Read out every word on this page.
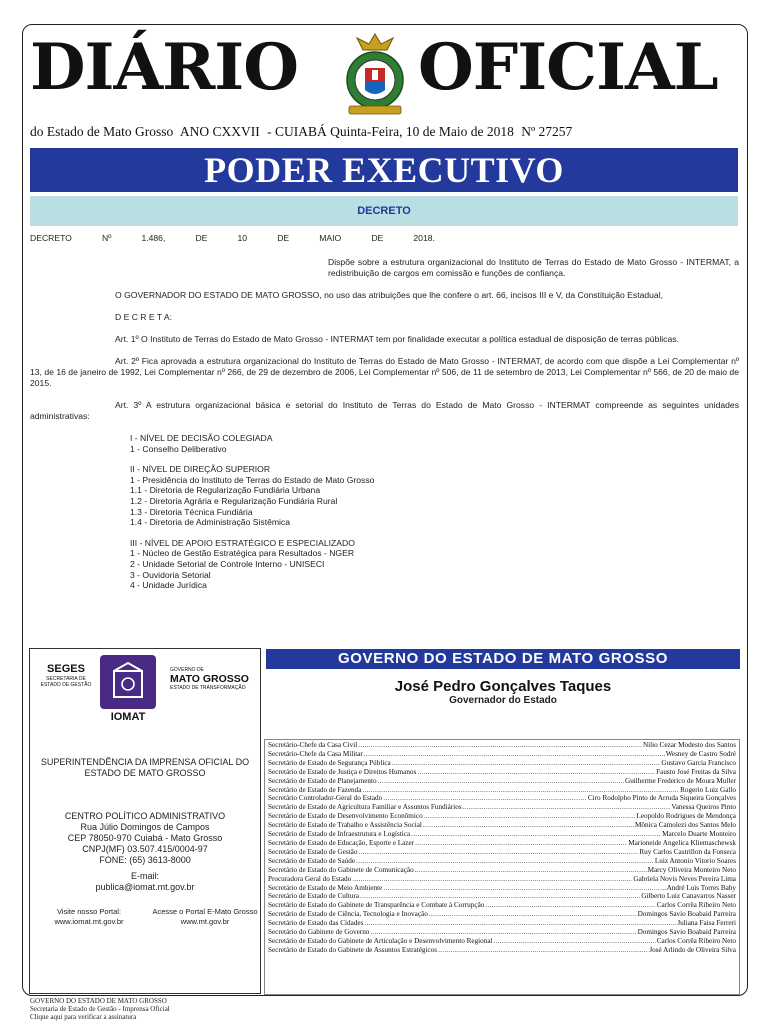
DIÁRIO OFICIAL
do Estado de Mato Grosso ANO CXXVII - CUIABÁ Quinta-Feira, 10 de Maio de 2018 Nº 27257
PODER EXECUTIVO
DECRETO
DECRETO	Nº	1.486,	DE	10	DE	MAIO	DE	2018.

Dispõe sobre a estrutura organizacional do Instituto de Terras do Estado de Mato Grosso - INTERMAT, a redistribuição de cargos em comissão e funções de confiança.

O GOVERNADOR DO ESTADO DE MATO GROSSO, no uso das atribuições que lhe confere o art. 66, incisos III e V, da Constituição Estadual,

D E C R E T A:

Art. 1º O Instituto de Terras do Estado de Mato Grosso - INTERMAT tem por finalidade executar a política estadual de disposição de terras públicas.

Art. 2º Fica aprovada a estrutura organizacional do Instituto de Terras do Estado de Mato Grosso - INTERMAT, de acordo com que dispõe a Lei Complementar nº 13, de 16 de janeiro de 1992, Lei Complementar nº 266, de 29 de dezembro de 2006, Lei Complementar nº 506, de 11 de setembro de 2013, Lei Complementar nº 566, de 20 de maio de 2015.

Art. 3º A estrutura organizacional básica e setorial do Instituto de Terras do Estado de Mato Grosso - INTERMAT compreende as seguintes unidades administrativas:

I - NÍVEL DE DECISÃO COLEGIADA
1 - Conselho Deliberativo
II - NÍVEL DE DIREÇÃO SUPERIOR
1 - Presidência do Instituto de Terras do Estado de Mato Grosso
1.1 - Diretoria de Regularização Fundiária Urbana
1.2 - Diretoria Agrária e Regularização Fundiária Rural
1.3 - Diretoria Técnica Fundiária
1.4 - Diretoria de Administração Sistêmica
III - NÍVEL DE APOIO ESTRATÉGICO E ESPECIALIZADO
1 - Núcleo de Gestão Estratégica para Resultados - NGER
2 - Unidade Setorial de Controle Interno - UNISECI
3 - Ouvidoria Setorial
4 - Unidade Jurídica
SEGES
SECRETARIA DE ESTADO DE GESTÃO
IOMAT
GOVERNO DE
MATO GROSSO
ESTADO DE TRANSFORMAÇÃO
SUPERINTENDÊNCIA DA IMPRENSA OFICIAL DO ESTADO DE MATO GROSSO
CENTRO POLÍTICO ADMINISTRATIVO
Rua Júlio Domingos de Campos
CEP 78050-970 Cuiabá - Mato Grosso
CNPJ(MF) 03.507.415/0004-97
FONE: (65) 3613-8000
E-mail:
publica@iomat.mt.gov.br
Visite nosso Portal:
www.iomat.mt.gov.br
Acesse o Portal E-Mato Grosso
www.mt.gov.br
GOVERNO DO ESTADO DE MATO GROSSO
José Pedro Gonçalves Taques
Governador do Estado
Secretário-Chefe da Casa Civil .....	Nilio Cezar Modesto dos Santos
Secretário-Chefe da Casa Militar .....	Wesney de Castro Sodré
Secretário de Estado de Segurança Pública .....	Gustavo Garcia Francisco
Secretário de Estado de Justiça e Direitos Humanos .....	Fausto José Freitas da Silva
Secretário de Estado de Planejamento .....	Guilherme Frederico de Moura Muller
Secretário de Estado de Fazenda .....	Rogerio Luiz Gallo
Secretário Controlador-Geral do Estado .....	Ciro Rodolpho Pinto de Arruda Siqueira Gonçalves
Secretário de Estado de Agricultura Familiar e Assuntos Fundiários .....	Vanessa Queiros Pinto
Secretário de Estado de Desenvolvimento Econômico .....	Leopoldo Rodrigues de Mendonça
Secretário de Estado de Trabalho e Assistência Social .....	Mônica Camolezi dos Santos Melo
Secretário de Estado de Infraestrutura e Logística .....	Marcelo Duarte Monteiro
Secretário de Estado de Educação, Esporte e Lazer .....	Marioneide Angelica Kliemaschewsk
Secretário de Estado de Gestão .....	Ruy Carlos Castrillon da Fonseca
Secretário de Estado de Saúde .....	Luiz Antonio Vitorio Soares
Secretário de Estado do Gabinete de Comunicação .....	Marcy Oliveira Monteiro Neto
Procuradora Geral do Estado .....	Gabriela Novis Neves Pereira Lima
Secretário de Estado de Meio Ambiente .....	André Luis Torres Baby
Secretário de Estado de Cultura .....	Gilberto Luiz Canavarros Nasser
Secretário de Estado do Gabinete de Transparência e Combate à Corrupção .....	Carlos Corrêa Ribeiro Neto
Secretário de Estado de Ciência, Tecnologia e Inovação .....	Domingos Savio Boabaid Parreira
Secretário de Estado das Cidades .....	Juliana Faisa Ferreri
Secretário do Gabinete de Governo .....	Domingos Savio Boabaid Parreira
Secretário de Estado do Gabinete de Articulação e Desenvolvimento Regional .....	Carlos Corrêa Ribeiro Neto
Secretário de Estado do Gabinete de Assuntos Estratégicos .....	José Arlindo de Oliveira Silva
GOVERNO DO ESTADO DE MATO GROSSO
Secretaria de Estado de Gestão - Imprensa Oficial
Clique aqui para verificar a assinatura
